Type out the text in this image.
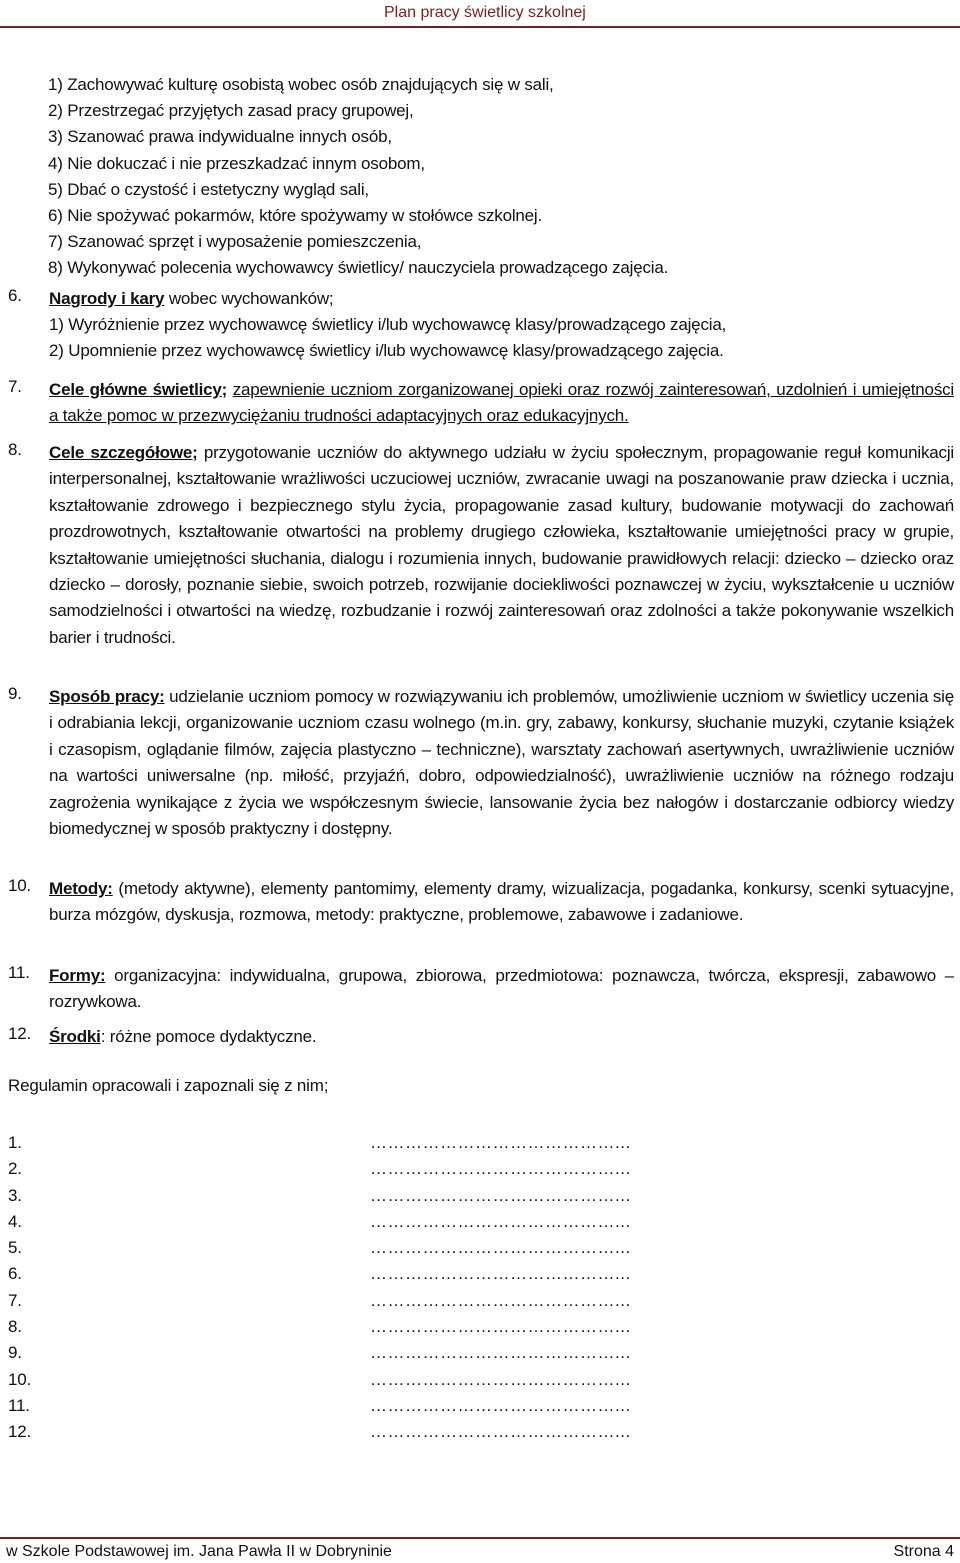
Plan pracy świetlicy szkolnej
1) Zachowywać kulturę osobistą wobec osób znajdujących się w sali,
2) Przestrzegać przyjętych zasad pracy grupowej,
3) Szanować prawa indywidualne innych osób,
4) Nie dokuczać i nie przeszkadzać innym osobom,
5) Dbać o czystość i estetyczny wygląd sali,
6) Nie spożywać pokarmów, które spożywamy w stołówce szkolnej.
7) Szanować sprzęt i wyposażenie pomieszczenia,
8) Wykonywać polecenia wychowawcy świetlicy/ nauczyciela prowadzącego zajęcia.
6. Nagrody i kary wobec wychowanków;
1) Wyróżnienie przez wychowawcę świetlicy i/lub wychowawcę klasy/prowadzącego zajęcia,
2) Upomnienie przez wychowawcę świetlicy i/lub wychowawcę klasy/prowadzącego zajęcia.
7. Cele główne świetlicy; zapewnienie uczniom zorganizowanej opieki oraz rozwój zainteresowań, uzdolnień i umiejętności a także pomoc w przezwyciężaniu trudności adaptacyjnych oraz edukacyjnych.
8. Cele szczegółowe; przygotowanie uczniów do aktywnego udziału w życiu społecznym, propagowanie reguł komunikacji interpersonalnej, kształtowanie wrażliwości uczuciowej uczniów, zwracanie uwagi na poszanowanie praw dziecka i ucznia, kształtowanie zdrowego i bezpiecznego stylu życia, propagowanie zasad kultury, budowanie motywacji do zachowań prozdrowotnych, kształtowanie otwartości na problemy drugiego człowieka, kształtowanie umiejętności pracy w grupie, kształtowanie umiejętności słuchania, dialogu i rozumienia innych, budowanie prawidłowych relacji: dziecko – dziecko oraz dziecko – dorosły, poznanie siebie, swoich potrzeb, rozwijanie dociekliwości poznawczej w życiu, wykształcenie u uczniów samodzielności i otwartości na wiedzę, rozbudzanie i rozwój zainteresowań oraz zdolności a także pokonywanie wszelkich barier i trudności.
9. Sposób pracy: udzielanie uczniom pomocy w rozwiązywaniu ich problemów, umożliwienie uczniom w świetlicy uczenia się i odrabiania lekcji, organizowanie uczniom czasu wolnego (m.in. gry, zabawy, konkursy, słuchanie muzyki, czytanie książek i czasopism, oglądanie filmów, zajęcia plastyczno – techniczne), warsztaty zachowań asertywnych, uwrażliwienie uczniów na wartości uniwersalne (np. miłość, przyjaźń, dobro, odpowiedzialność), uwrażliwienie uczniów na różnego rodzaju zagrożenia wynikające z życia we współczesnym świecie, lansowanie życia bez nałogów i dostarczanie odbiorcy wiedzy biomedycznej w sposób praktyczny i dostępny.
10. Metody: (metody aktywne), elementy pantomimy, elementy dramy, wizualizacja, pogadanka, konkursy, scenki sytuacyjne, burza mózgów, dyskusja, rozmowa, metody: praktyczne, problemowe, zabawowe i zadaniowe.
11. Formy: organizacyjna: indywidualna, grupowa, zbiorowa, przedmiotowa: poznawcza, twórcza, ekspresji, zabawowo – rozrywkowa.
12. Środki: różne pomoce dydaktyczne.
Regulamin opracowali i zapoznali się z nim;
1.	……………………………………...
2.	……………………………………...
3.	……………………………………...
4.	……………………………………...
5.	……………………………………...
6.	……………………………………...
7.	……………………………………...
8.	……………………………………...
9.	……………………………………...
10.	……………………………………...
11.	……………………………………...
12.	……………………………………...
w Szkole Podstawowej im. Jana Pawła II w Dobryninie	Strona 4
